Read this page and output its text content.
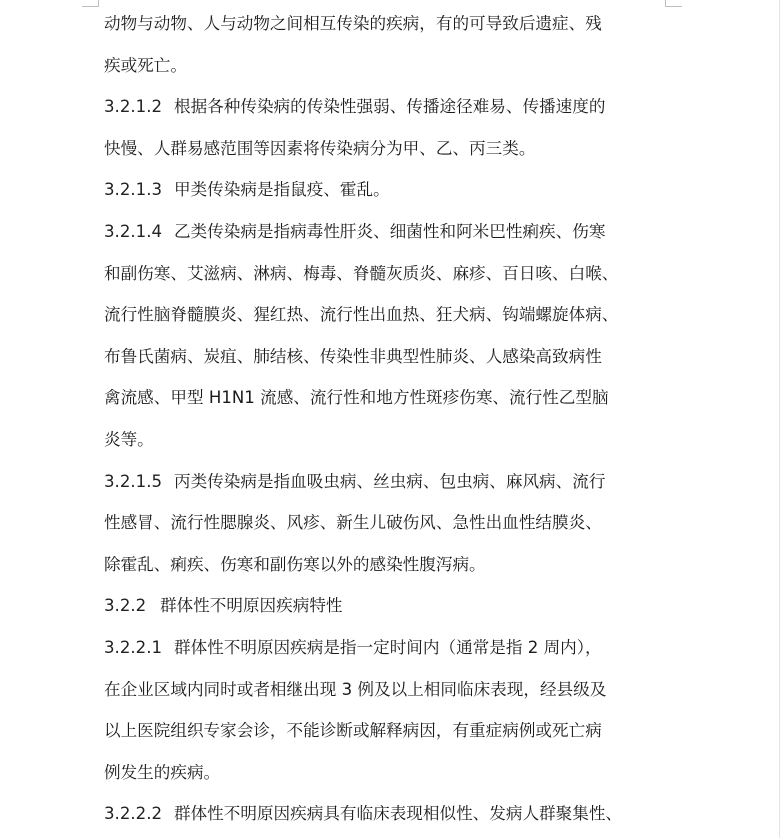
动物与动物、人与动物之间相互传染的疾病，有的可导致后遗症、残

疾或死亡。

3.2.1.2 根据各种传染病的传染性强弱、传播途径难易、传播速度的

快慢、人群易感范围等因素将传染病分为甲、乙、丙三类。

3.2.1.3 甲类传染病是指鼠疫、霍乱。

3.2.1.4 乙类传染病是指病毒性肝炎、细菌性和阿米巴性痢疾、伤寒

和副伤寒、艾滋病、淋病、梅毒、脊髓灰质炎、麻疹、百日咳、白喉、

流行性脑脊髓膜炎、猩红热、流行性出血热、狂犬病、钩端螺旋体病、

布鲁氏菌病、炭疽、肺结核、传染性非典型性肺炎、人感染高致病性

禽流感、甲型 H1N1 流感、流行性和地方性斑疹伤寒、流行性乙型脑

炎等。

3.2.1.5 丙类传染病是指血吸虫病、丝虫病、包虫病、麻风病、流行

性感冒、流行性腮腺炎、风疹、新生儿破伤风、急性出血性结膜炎、

除霍乱、痢疾、伤寒和副伤寒以外的感染性腹泻病。

3.2.2 群体性不明原因疾病特性

3.2.2.1 群体性不明原因疾病是指一定时间内（通常是指 2 周内），

在企业区域内同时或者相继出现 3 例及以上相同临床表现，经县级及

以上医院组织专家会诊，不能诊断或解释病因，有重症病例或死亡病

例发生的疾病。

3.2.2.2 群体性不明原因疾病具有临床表现相似性、发病人群聚集性、
